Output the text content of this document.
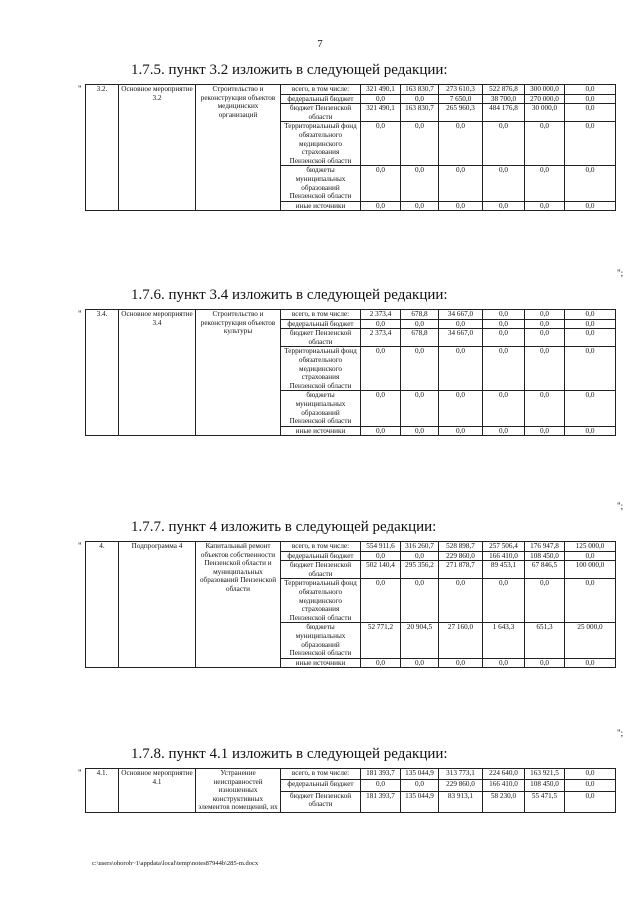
7
1.7.5. пункт 3.2 изложить в следующей редакции:
"
";
3.2.	Основное мероприятие 3.2	Строительство и реконструкция объектов медицинских организаций	всего, в том числе:	321 490,1	163 830,7	273 610,3	522 876,8	300 000,0	0,0
			федеральный бюджет	0,0	0,0	7 650,0	38 700,0	270 000,0	0,0
			бюджет Пензенской области	321 490,1	163 830,7	265 960,3	484 176,8	30 000,0	0,0
			Территориальный фонд обязательного медицинского страхования Пензенской области	0,0	0,0	0,0	0,0	0,0	0,0
			бюджеты муниципальных образований Пензенской области	0,0	0,0	0,0	0,0	0,0	0,0
			иные источники	0,0	0,0	0,0	0,0	0,0	0,0
1.7.6. пункт 3.4 изложить в следующей редакции:
"
";
3.4.	Основное мероприятие 3.4	Строительство и реконструкция объектов культуры	всего, в том числе:	2 373,4	678,8	34 667,0	0,0	0,0	0,0
			федеральный бюджет	0,0	0,0	0,0	0,0	0,0	0,0
			бюджет Пензенской области	2 373,4	678,8	34 667,0	0,0	0,0	0,0
			Территориальный фонд обязательного медицинского страхования Пензенской области	0,0	0,0	0,0	0,0	0,0	0,0
			бюджеты муниципальных образований Пензенской области	0,0	0,0	0,0	0,0	0,0	0,0
			иные источники	0,0	0,0	0,0	0,0	0,0	0,0
1.7.7. пункт 4 изложить в следующей редакции:
"
";
4.	Подпрограмма 4	Капитальный ремонт объектов собственности Пензенской области и муниципальных образований Пензенской области	всего, в том числе:	554 911,6	316 260,7	528 898,7	257 506,4	176 947,8	125 000,0
			федеральный бюджет	0,0	0,0	229 860,0	166 410,0	108 450,0	0,0
			бюджет Пензенской области	502 140,4	295 356,2	271 878,7	89 453,1	67 846,5	100 000,0
			Территориальный фонд обязательного медицинского страхования Пензенской области	0,0	0,0	0,0	0,0	0,0	0,0
			бюджеты муниципальных образований Пензенской области	52 771,2	20 904,5	27 160,0	1 643,3	651,3	25 000,0
			иные источники	0,0	0,0	0,0	0,0	0,0	0,0
1.7.8. пункт 4.1 изложить в следующей редакции:
" 4.1.	Основное мероприятие 4.1	Устранение неисправностей изношенных конструктивных элементов помещений, их	всего, в том числе:	181 393,7	135 044,9	313 773,1	224 640,0	163 921,5	0,0
			федеральный бюджет	0,0	0,0	229 860,0	166 410,0	108 450,0	0,0
			бюджет Пензенской области	181 393,7	135 044,9	83 913,1	58 230,0	55 471,5	0,0
c:\users\ohoroh~1\appdata\local\temp\notes87944b\285-m.docx
